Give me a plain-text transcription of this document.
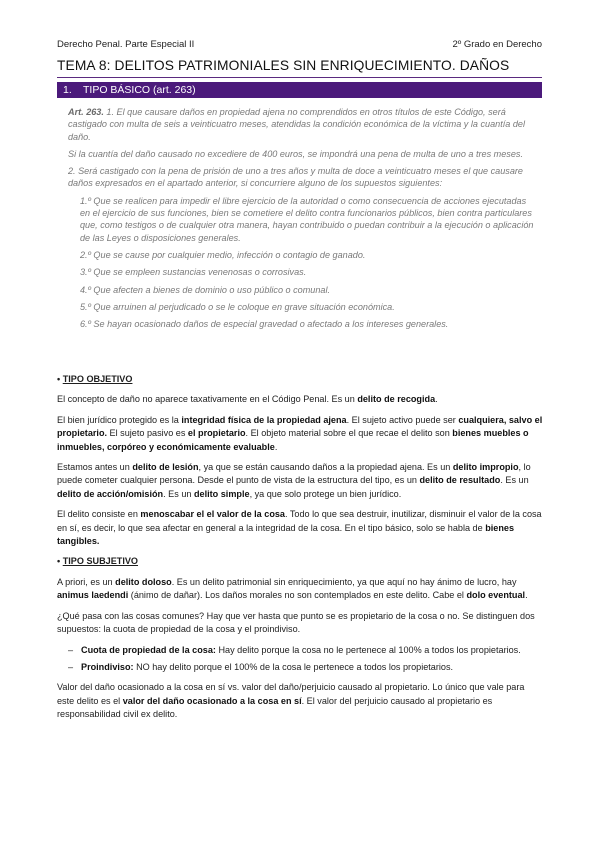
Derecho Penal. Parte Especial II	2º Grado en Derecho
TEMA 8: DELITOS PATRIMONIALES SIN ENRIQUECIMIENTO. DAÑOS
1. TIPO BÁSICO (art. 263)

Art. 263. 1. El que causare daños en propiedad ajena no comprendidos en otros títulos de este Código, será castigado con multa de seis a veinticuatro meses, atendidas la condición económica de la víctima y la cuantía del daño.

Si la cuantía del daño causado no excediere de 400 euros, se impondrá una pena de multa de uno a tres meses.

2. Será castigado con la pena de prisión de uno a tres años y multa de doce a veinticuatro meses el que causare daños expresados en el apartado anterior, si concurriere alguno de los supuestos siguientes:

1.º Que se realicen para impedir el libre ejercicio de la autoridad o como consecuencia de acciones ejecutadas en el ejercicio de sus funciones, bien se cometiere el delito contra funcionarios públicos, bien contra particulares que, como testigos o de cualquier otra manera, hayan contribuido o puedan contribuir a la ejecución o aplicación de las Leyes o disposiciones generales.

2.º Que se cause por cualquier medio, infección o contagio de ganado.

3.º Que se empleen sustancias venenosas o corrosivas.

4.º Que afecten a bienes de dominio o uso público o comunal.

5.º Que arruinen al perjudicado o se le coloque en grave situación económica.

6.º Se hayan ocasionado daños de especial gravedad o afectado a los intereses generales.

• TIPO OBJETIVO

El concepto de daño no aparece taxativamente en el Código Penal. Es un delito de recogida.

El bien jurídico protegido es la integridad física de la propiedad ajena. El sujeto activo puede ser cualquiera, salvo el propietario. El sujeto pasivo es el propietario. El objeto material sobre el que recae el delito son bienes muebles o inmuebles, corpóreo y económicamente evaluable.

Estamos antes un delito de lesión, ya que se están causando daños a la propiedad ajena. Es un delito impropio, lo puede cometer cualquier persona. Desde el punto de vista de la estructura del tipo, es un delito de resultado. Es un delito de acción/omisión. Es un delito simple, ya que solo protege un bien jurídico.

El delito consiste en menoscabar el el valor de la cosa. Todo lo que sea destruir, inutilizar, disminuir el valor de la cosa en sí, es decir, lo que sea afectar en general a la integridad de la cosa. En el tipo básico, solo se habla de bienes tangibles.

• TIPO SUBJETIVO

A priori, es un delito doloso. Es un delito patrimonial sin enriquecimiento, ya que aquí no hay ánimo de lucro, hay animus laedendi (ánimo de dañar). Los daños morales no son contemplados en este delito. Cabe el dolo eventual.

¿Qué pasa con las cosas comunes? Hay que ver hasta que punto se es propietario de la cosa o no. Se distinguen dos supuestos: la cuota de propiedad de la cosa y el proindiviso.

– Cuota de propiedad de la cosa: Hay delito porque la cosa no le pertenece al 100% a todos los propietarios.
– Proindiviso: NO hay delito porque el 100% de la cosa le pertenece a todos los propietarios.

Valor del daño ocasionado a la cosa en sí vs. valor del daño/perjuicio causado al propietario. Lo único que vale para este delito es el valor del daño ocasionado a la cosa en sí. El valor del perjuicio causado al propietario es responsabilidad civil ex delito.
